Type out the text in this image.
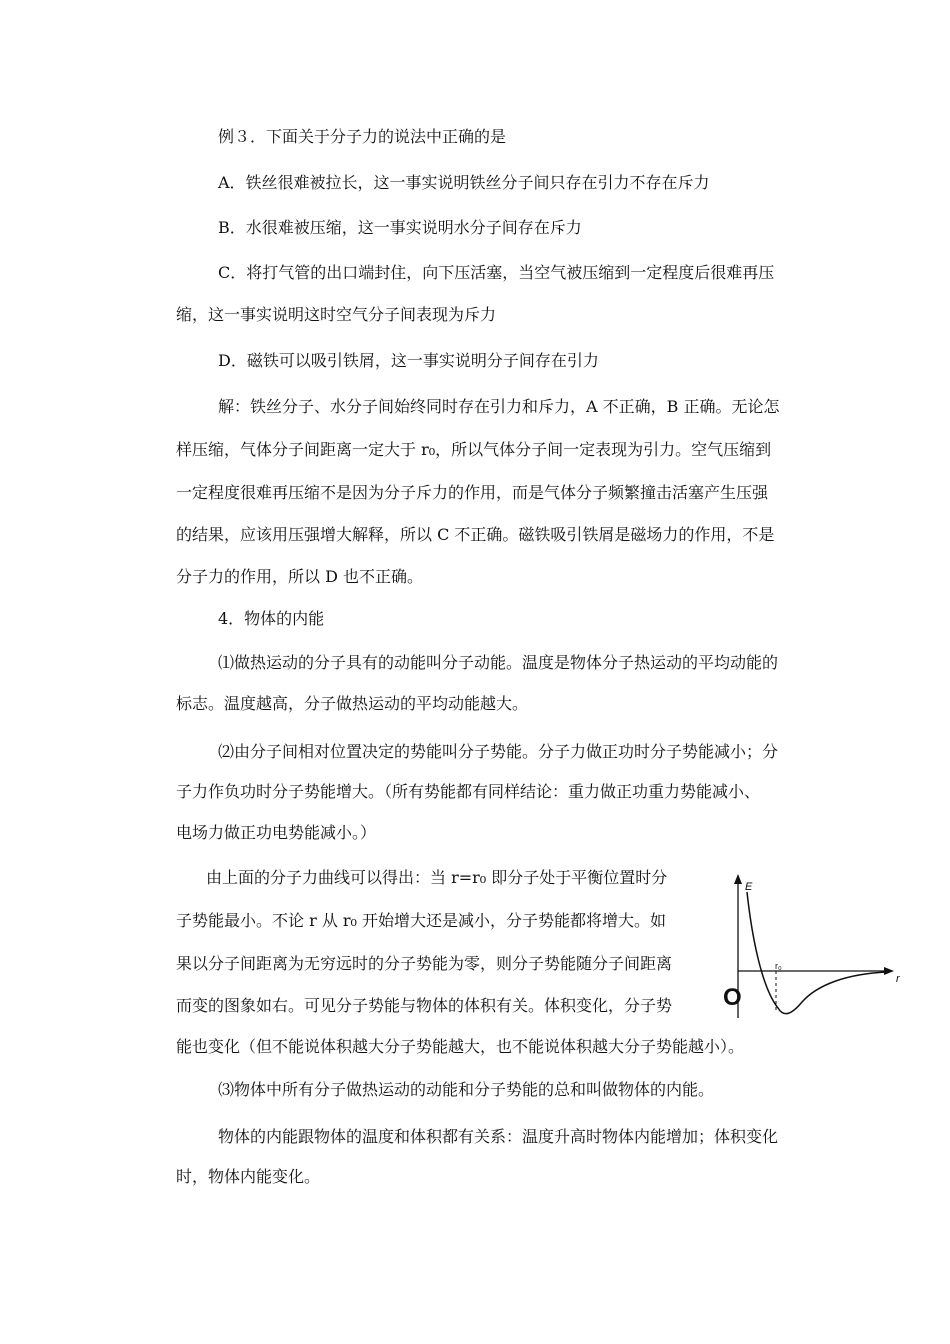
例３．下面关于分子力的说法中正确的是
A．铁丝很难被拉长，这一事实说明铁丝分子间只存在引力不存在斥力
B．水很难被压缩，这一事实说明水分子间存在斥力
C．将打气管的出口端封住，向下压活塞，当空气被压缩到一定程度后很难再压
缩，这一事实说明这时空气分子间表现为斥力
D．磁铁可以吸引铁屑，这一事实说明分子间存在引力
解：铁丝分子、水分子间始终同时存在引力和斥力，A 不正确，B 正确。无论怎
样压缩，气体分子间距离一定大于 r₀，所以气体分子间一定表现为引力。空气压缩到
一定程度很难再压缩不是因为分子斥力的作用，而是气体分子频繁撞击活塞产生压强
的结果，应该用压强增大解释，所以 C 不正确。磁铁吸引铁屑是磁场力的作用，不是
分子力的作用，所以 D 也不正确。
4．物体的内能
⑴做热运动的分子具有的动能叫分子动能。温度是物体分子热运动的平均动能的
标志。温度越高，分子做热运动的平均动能越大。
⑵由分子间相对位置决定的势能叫分子势能。分子力做正功时分子势能减小；分
子力作负功时分子势能增大。（所有势能都有同样结论：重力做正功重力势能减小、
电场力做正功电势能减小。）
由上面的分子力曲线可以得出：当 r=r₀ 即分子处于平衡位置时分
子势能最小。不论 r 从 r₀ 开始增大还是减小，分子势能都将增大。如
果以分子间距离为无穷远时的分子势能为零，则分子势能随分子间距离
而变的图象如右。可见分子势能与物体的体积有关。体积变化，分子势
能也变化（但不能说体积越大分子势能越大，也不能说体积越大分子势能越小）。
⑶物体中所有分子做热运动的动能和分子势能的总和叫做物体的内能。
物体的内能跟物体的温度和体积都有关系：温度升高时物体内能增加；体积变化
时，物体内能变化。
E
r
r₀
O
